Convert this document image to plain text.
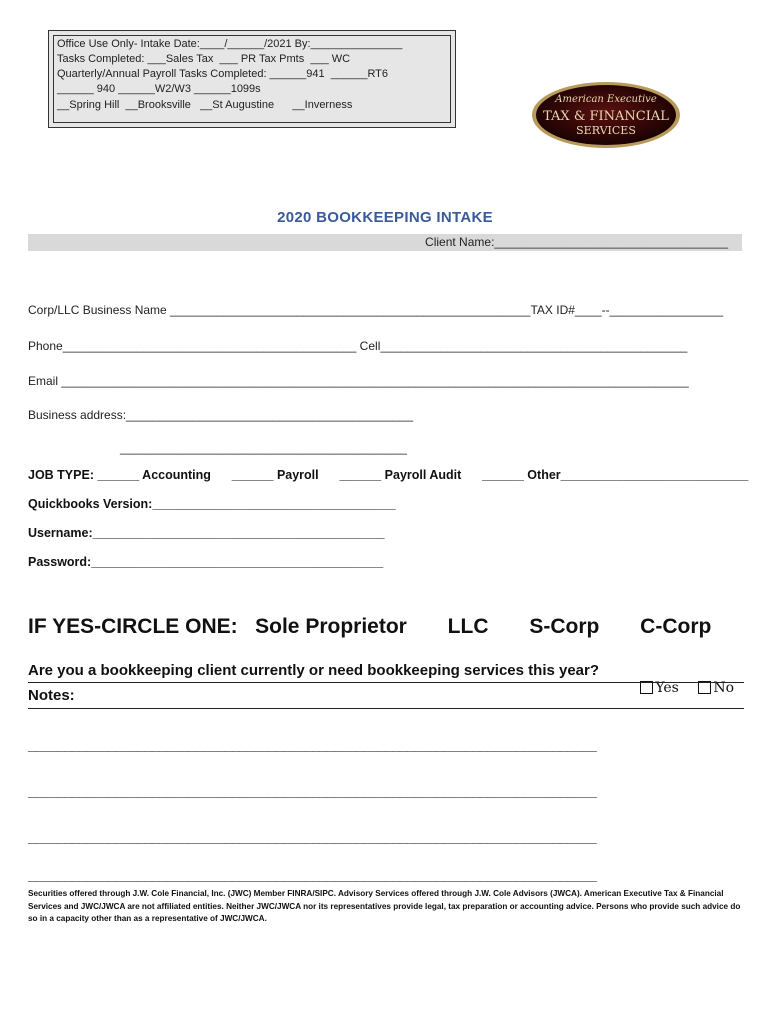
Office Use Only- Intake Date:____/______/2021 By:_______________
Tasks Completed: ___Sales Tax  ___ PR Tax Pmts  ___ WC
Quarterly/Annual Payroll Tasks Completed: ______941  ______RT6
______ 940 ______W2/W3 ______1099s
__Spring Hill  __Brooksville   __St Augustine      __Inverness	American Executive
TAX & FINANCIAL
SERVICES
2020 BOOKKEEPING INTAKE
Client Name:___________________________________
Corp/LLC Business Name ______________________________________________________TAX ID#____--_________________
Phone____________________________________________ Cell______________________________________________
Email ______________________________________________________________________________________________
Business address:___________________________________________
___________________________________________
JOB TYPE: ______ Accounting      ______ Payroll      ______ Payroll Audit      ______ Other___________________________
Quickbooks Version:___________________________________
Username:__________________________________________
Password:__________________________________________
IF YES-CIRCLE ONE:   Sole Proprietor       LLC       S-Corp       C-Corp
Are you a bookkeeping client currently or need bookkeeping services this year?

Yes	No

Notes:
______________________________________________________________________________
______________________________________________________________________________
______________________________________________________________________________
______________________________________________________________________________
Securities offered through J.W. Cole Financial, Inc. (JWC) Member FINRA/SIPC. Advisory Services offered through J.W. Cole Advisors (JWCA). American Executive Tax & Financial Services and JWC/JWCA are not affiliated entities. Neither JWC/JWCA nor its representatives provide legal, tax preparation or accounting advice. Persons who provide such advice do so in a capacity other than as a representative of JWC/JWCA.
